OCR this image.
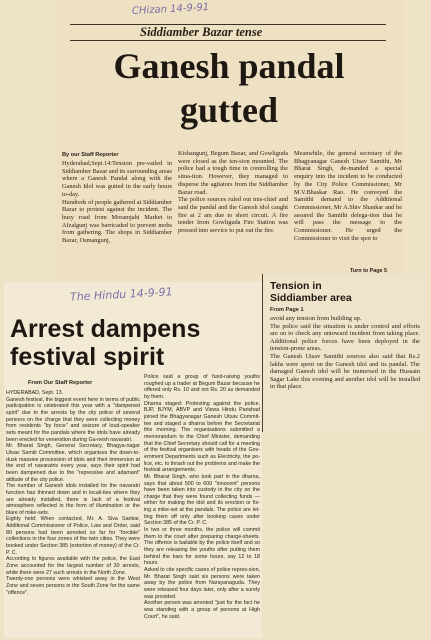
CHizan 14-9-91
Siddiamber Bazar tense
Ganesh pandal
gutted
By our Staff Reporter

Hyderabad,Sept.14:Tension pre-vailed in Siddiamber Bazar and its surrounding areas where a Ganesh Pandal along with the Ganesh Idol was gutted in the early hours to-day.
Hundreds of people gathered at Siddiamber Bazar to protest against the incident. The busy road from Moramjahi Market to Afzalgunj was barricaded to prevent mobs from gathering. The shops in Siddiamber Bazar, Osmangunj,

Kishangunj, Begum Bazar, and Gowliguda were closed as the ten-sion mounted. The police had a tough time in controlling the situa-tion. However, they managed to disperse the agitators from the Siddiamber Bazar road.
The police sources ruled out mis-chief and said the pandal and the Ganesh idol caught fire at 2 am due to short circuit. A fire tender from Gowliguda Fire Station was pressed into service to put out the fire.

Meanwhile, the general secretary of the Bhagyanagar Ganesh Utsav Samithi, Mr Bharat Singh, de-manded a special enquiry into the incident to be conducted by the City Police Commissioner, Mr M.V.Bhaskar Rao. He conveyed the Samithi demand to the Additional Commissioner, Mr A.Shiv Shankar and he assured the Samithi delega-tion that he will pass the message to the Commissioner. He urged the Commissioner to visit the spot to

Turn to Page 5
The Hindu 14-9-91
Arrest dampens
festival spirit
From Our Staff Reporter

HYDERABAD, Sept. 13.
Ganesh festival, the biggest event here in terms of public participation is celebrated this year with a "dampened spirit" due to the arrests by the city police of several persons on the charge that they were collecting money from residents "by force" and seizure of loud-speaker sets meant for the pandals where the idols have already been erected for veneration during Ga-nesh navaratri.
Mr. Bharat Singh, General Secretary, Bhagya-nagar Utsav Samiti Committee, which organises the down-to-dusk massive procession of idols and their immersion at the end of navaratris every year, says their spirit had been dampened due to the "repressive and adamant" attitude of the city police.
The number of Ganesh idols installed for the navaratri function has thinned down and in locali-ties where they are already installed, there is lack of a festival atmosphere reflected in the form of illumination or the blare of mike-sets.
Eighty held: When contacted, Mr. A. Siva Sankar, Additional Commissioner of Police, Law and Order, said 80 persons had been arrested so far for "forcible" collections in the four zones of the twin cities. They were booked under Section 385 (extortion of money) of the Cr. P. C.
According to figures available with the police, the East Zone accounted for the largest number of 30 arrests, while there were 27 such arrests in the North Zone.
Twenty-one persons were whisked away in the West Zone and seven persons in the South Zone for the same "offence".

Police said a group of fund-raising youths roughed up a trader at Begum Bazar because he offered only Rs. 10 and not Rs. 20 as demanded by them.
Dharna staged: Protesting against the police, BJP, BJYM, ABVP and Viswa Hindu Parishad joined the Bhagyanagar Ganesh Utsav Commit-tee and staged a dharna before the Secretariat this morning. The organisations submitted a memorandum to the Chief Minister, demanding that the Chief Secretary should call for a meeting of the festival organisers with heads of the Gov-ernment Departments such as Electricity, the po-lice, etc. to thrash out the problems and make the festival arrangements.
Mr. Bharat Singh, who took part in the dharna, says that about 500 to 600 "innocent" persons have been taken into custody in the city on the charge that they were found collecting funds — either for making the idol and its erection or fix-ing a mike-set at the pandals. The police are let-ting them off only after booking cases under Section 385 of the Cr. P. C.
In two or three months, the police will commit them to the court after preparing charge-sheets. The offence is bailable by the police itself and so they are releasing the youths after putting them behind the bars for some hours, say 12 to 18 hours.
Asked to cite specific cases of police repres-sion, Mr. Bharat Singh said six persons were taken away by the police from Narayanaguda. They were released four days later, only after a surety was provided.
Another person was arrested "just for the fact he was standing with a group of persons at High Court", he said.

Tension in
Siddiamber area
From Page 1

avoid any tension from building up.
The police said the situation is under control and efforts are on to check any untoward incident from taking place. Additional police forces have been deployed in the tension-prone areas.
The Ganesh Utsav Samithi sources also said that Rs.2 lakhs were spent on the Ganesh idol and its pandal. The damaged Ganesh idol will be immersed in the Hussain Sagar Lake this evening and another idol will be installed in that place.
